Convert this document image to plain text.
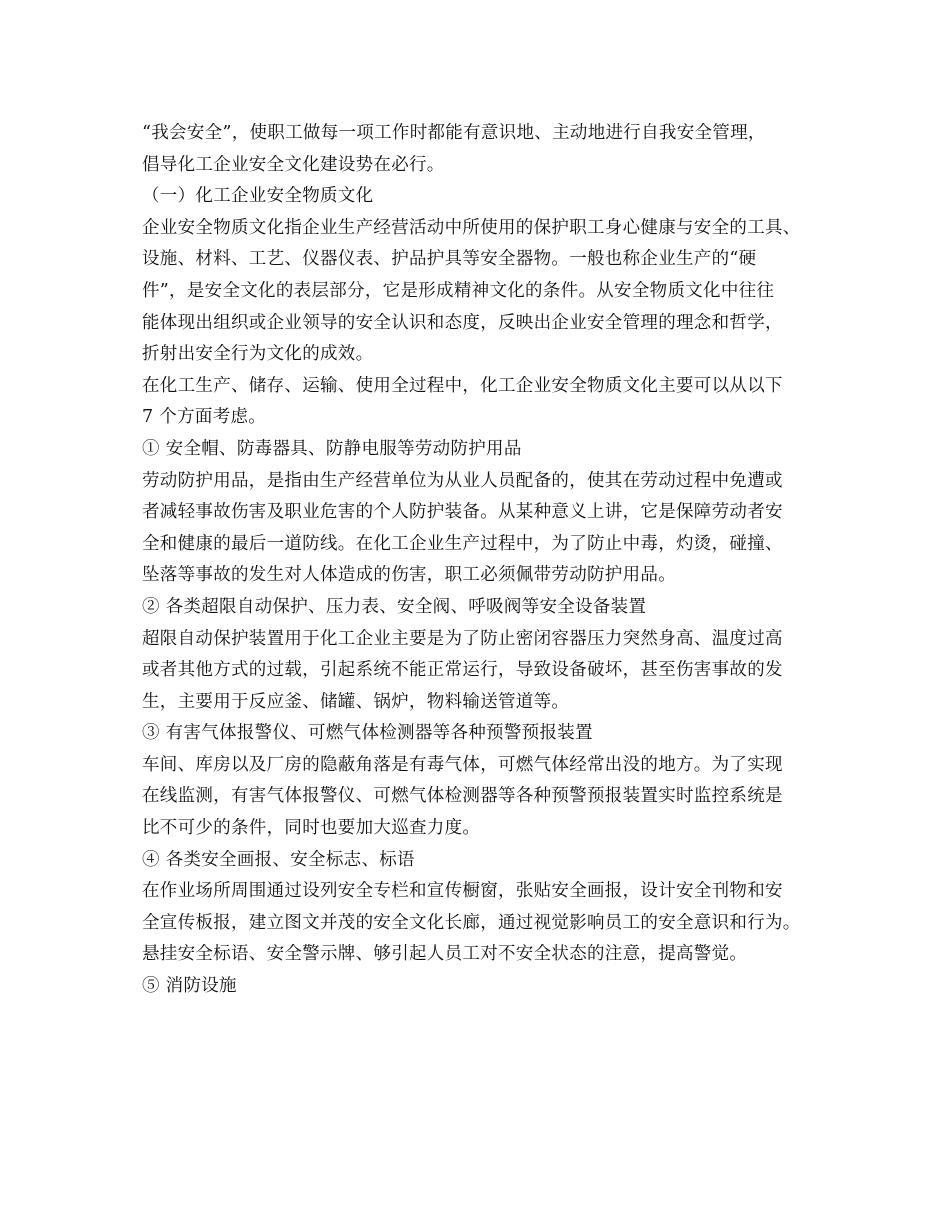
“我会安全”，使职工做每一项工作时都能有意识地、主动地进行自我安全管理，
倡导化工企业安全文化建设势在必行。
（一）化工企业安全物质文化
企业安全物质文化指企业生产经营活动中所使用的保护职工身心健康与安全的工具、
设施、材料、工艺、仪器仪表、护品护具等安全器物。一般也称企业生产的“硬
件”，是安全文化的表层部分，它是形成精神文化的条件。从安全物质文化中往往
能体现出组织或企业领导的安全认识和态度，反映出企业安全管理的理念和哲学，
折射出安全行为文化的成效。
在化工生产、储存、运输、使用全过程中，化工企业安全物质文化主要可以从以下
7 个方面考虑。
① 安全帽、防毒器具、防静电服等劳动防护用品
劳动防护用品，是指由生产经营单位为从业人员配备的，使其在劳动过程中免遭或
者减轻事故伤害及职业危害的个人防护装备。从某种意义上讲，它是保障劳动者安
全和健康的最后一道防线。在化工企业生产过程中，为了防止中毒，灼烫，碰撞、
坠落等事故的发生对人体造成的伤害，职工必须佩带劳动防护用品。
② 各类超限自动保护、压力表、安全阀、呼吸阀等安全设备装置
超限自动保护装置用于化工企业主要是为了防止密闭容器压力突然身高、温度过高
或者其他方式的过载，引起系统不能正常运行，导致设备破坏，甚至伤害事故的发
生，主要用于反应釜、储罐、锅炉，物料输送管道等。
③ 有害气体报警仪、可燃气体检测器等各种预警预报装置
车间、库房以及厂房的隐蔽角落是有毒气体，可燃气体经常出没的地方。为了实现
在线监测，有害气体报警仪、可燃气体检测器等各种预警预报装置实时监控系统是
比不可少的条件，同时也要加大巡查力度。
④ 各类安全画报、安全标志、标语
在作业场所周围通过设列安全专栏和宣传橱窗，张贴安全画报，设计安全刊物和安
全宣传板报，建立图文并茂的安全文化长廊，通过视觉影响员工的安全意识和行为。
悬挂安全标语、安全警示牌、够引起人员工对不安全状态的注意，提高警觉。
⑤ 消防设施
